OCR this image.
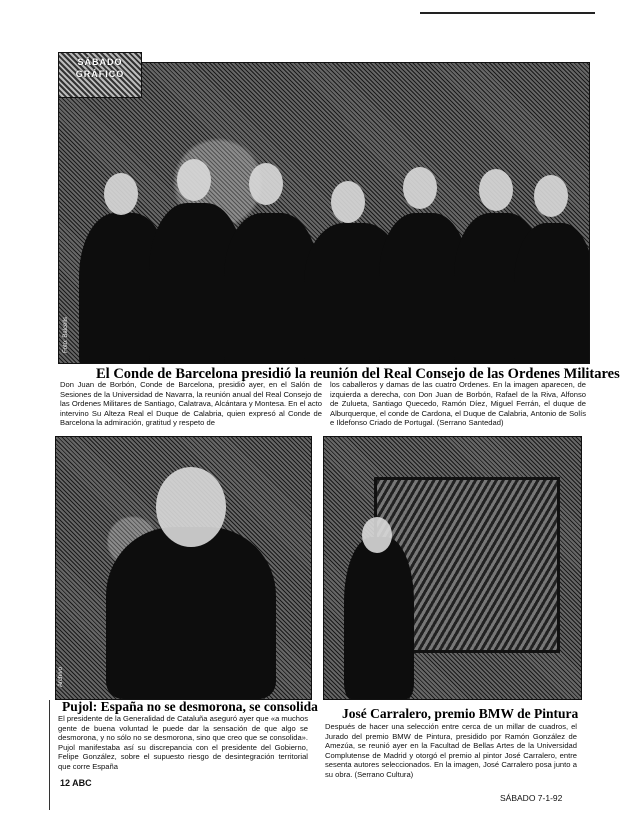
Foto: Balcells
SÁBADO GRÁFICO
El Conde de Barcelona presidió la reunión del Real Consejo de las Ordenes Militares
Don Juan de Borbón, Conde de Barcelona, presidió ayer, en el Salón de Sesiones de la Universidad de Navarra, la reunión anual del Real Consejo de las Ordenes Militares de Santiago, Calatrava, Alcántara y Montesa. En el acto intervino Su Alteza Real el Duque de Calabria, quien expresó al Conde de Barcelona la admiración, gratitud y respeto de
los caballeros y damas de las cuatro Ordenes. En la imagen aparecen, de izquierda a derecha, con Don Juan de Borbón, Rafael de la Riva, Alfonso de Zulueta, Santiago Quecedo, Ramón Díez, Miguel Ferrán, el duque de Alburquerque, el conde de Cardona, el Duque de Calabria, Antonio de Solís e Ildefonso Criado de Portugal. (Serrano Santedad)
Archivo
Pujol: España no se desmorona, se consolida
El presidente de la Generalidad de Cataluña aseguró ayer que «a muchos gente de buena voluntad le puede dar la sensación de que algo se desmorona, y no sólo no se desmorona, sino que creo que se consolida». Pujol manifestaba así su discrepancia con el presidente del Gobierno, Felipe González, sobre el supuesto riesgo de desintegración territorial que corre España
José Carralero, premio BMW de Pintura
Después de hacer una selección entre cerca de un millar de cuadros, el Jurado del premio BMW de Pintura, presidido por Ramón González de Amezúa, se reunió ayer en la Facultad de Bellas Artes de la Universidad Complutense de Madrid y otorgó el premio al pintor José Carralero, entre sesenta autores seleccionados. En la imagen, José Carralero posa junto a su obra. (Serrano Cultura)
12 ABC
SÁBADO 7-1-92
